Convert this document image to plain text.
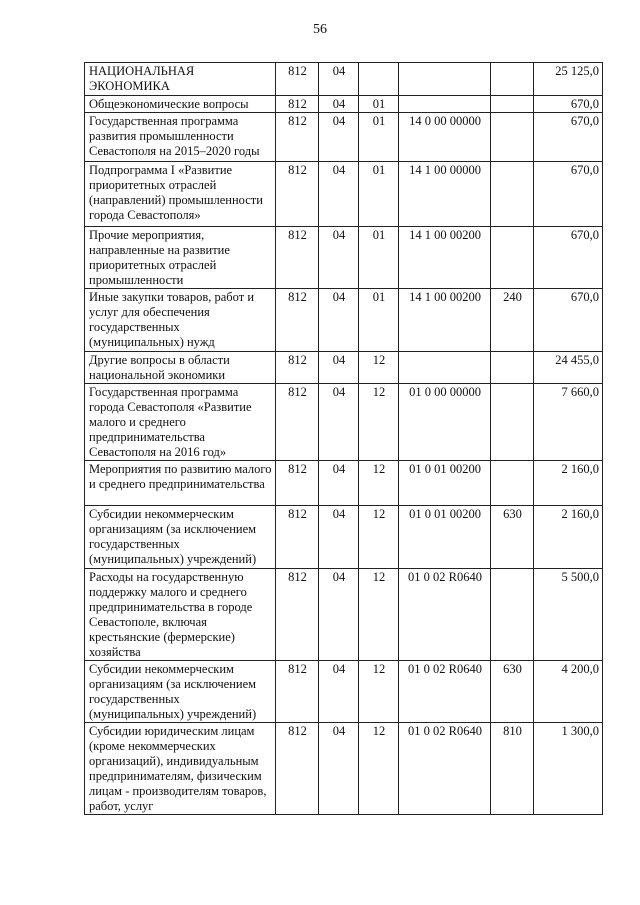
56
НАЦИОНАЛЬНАЯ ЭКОНОМИКА	812	04				25 125,0
Общеэкономические вопросы	812	04	01			670,0
Государственная программа развития промышленности Севастополя на 2015–2020 годы	812	04	01	14 0 00 00000		670,0
Подпрограмма I «Развитие приоритетных отраслей (направлений) промышленности города Севастополя»	812	04	01	14 1 00 00000		670,0
Прочие мероприятия, направленные на развитие приоритетных отраслей промышленности	812	04	01	14 1 00 00200		670,0
Иные закупки товаров, работ и услуг для обеспечения государственных (муниципальных) нужд	812	04	01	14 1 00 00200	240	670,0
Другие вопросы в области национальной экономики	812	04	12			24 455,0
Государственная программа города Севастополя «Развитие малого и среднего предпринимательства Севастополя на 2016 год»	812	04	12	01 0 00 00000		7 660,0
Мероприятия по развитию малого и среднего предпринимательства	812	04	12	01 0 01 00200		2 160,0
Субсидии некоммерческим организациям (за исключением государственных (муниципальных) учреждений)	812	04	12	01 0 01 00200	630	2 160,0
Расходы на государственную поддержку малого и среднего предпринимательства в городе Севастополе, включая крестьянские (фермерские) хозяйства	812	04	12	01 0 02 R0640		5 500,0
Субсидии некоммерческим организациям (за исключением государственных (муниципальных) учреждений)	812	04	12	01 0 02 R0640	630	4 200,0
Субсидии юридическим лицам (кроме некоммерческих организаций), индивидуальным предпринимателям, физическим лицам - производителям товаров, работ, услуг	812	04	12	01 0 02 R0640	810	1 300,0
